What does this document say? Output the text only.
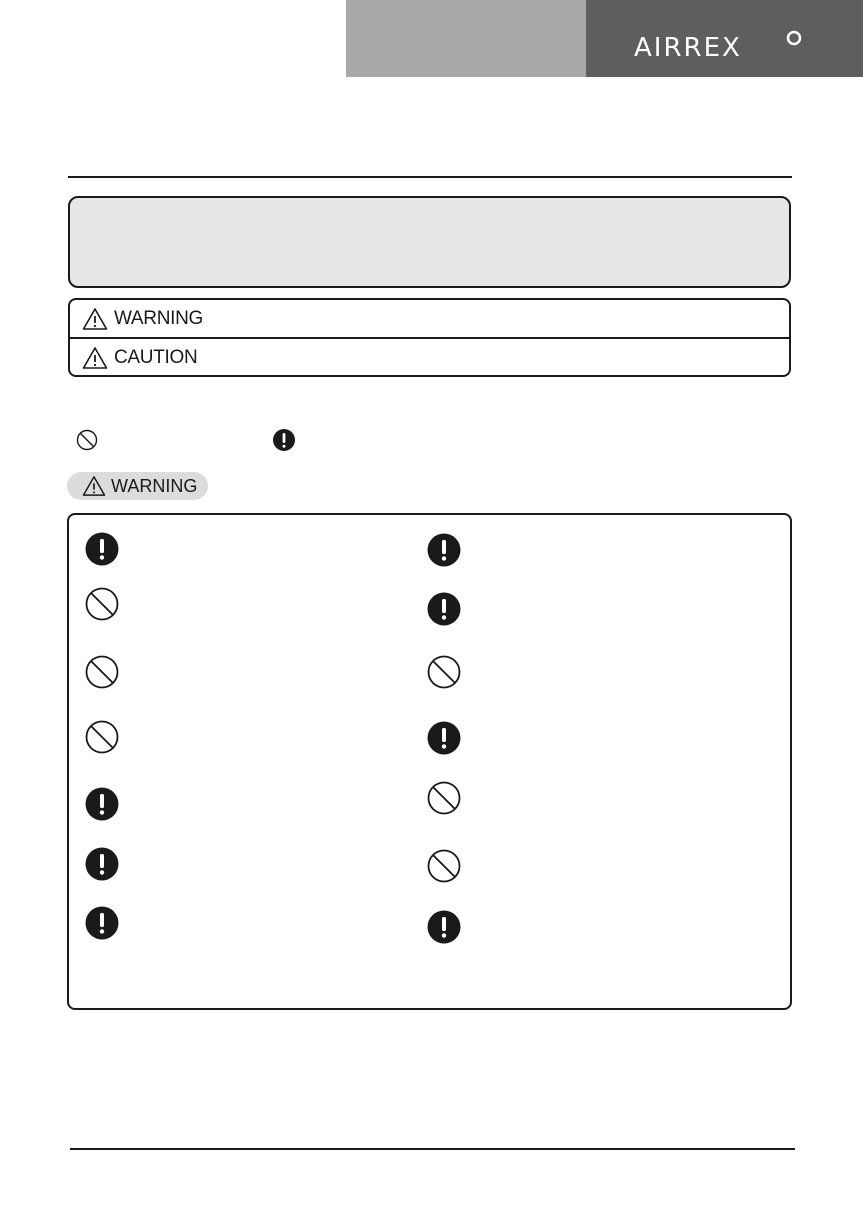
AIRREX
WARNING
CAUTION
WARNING
